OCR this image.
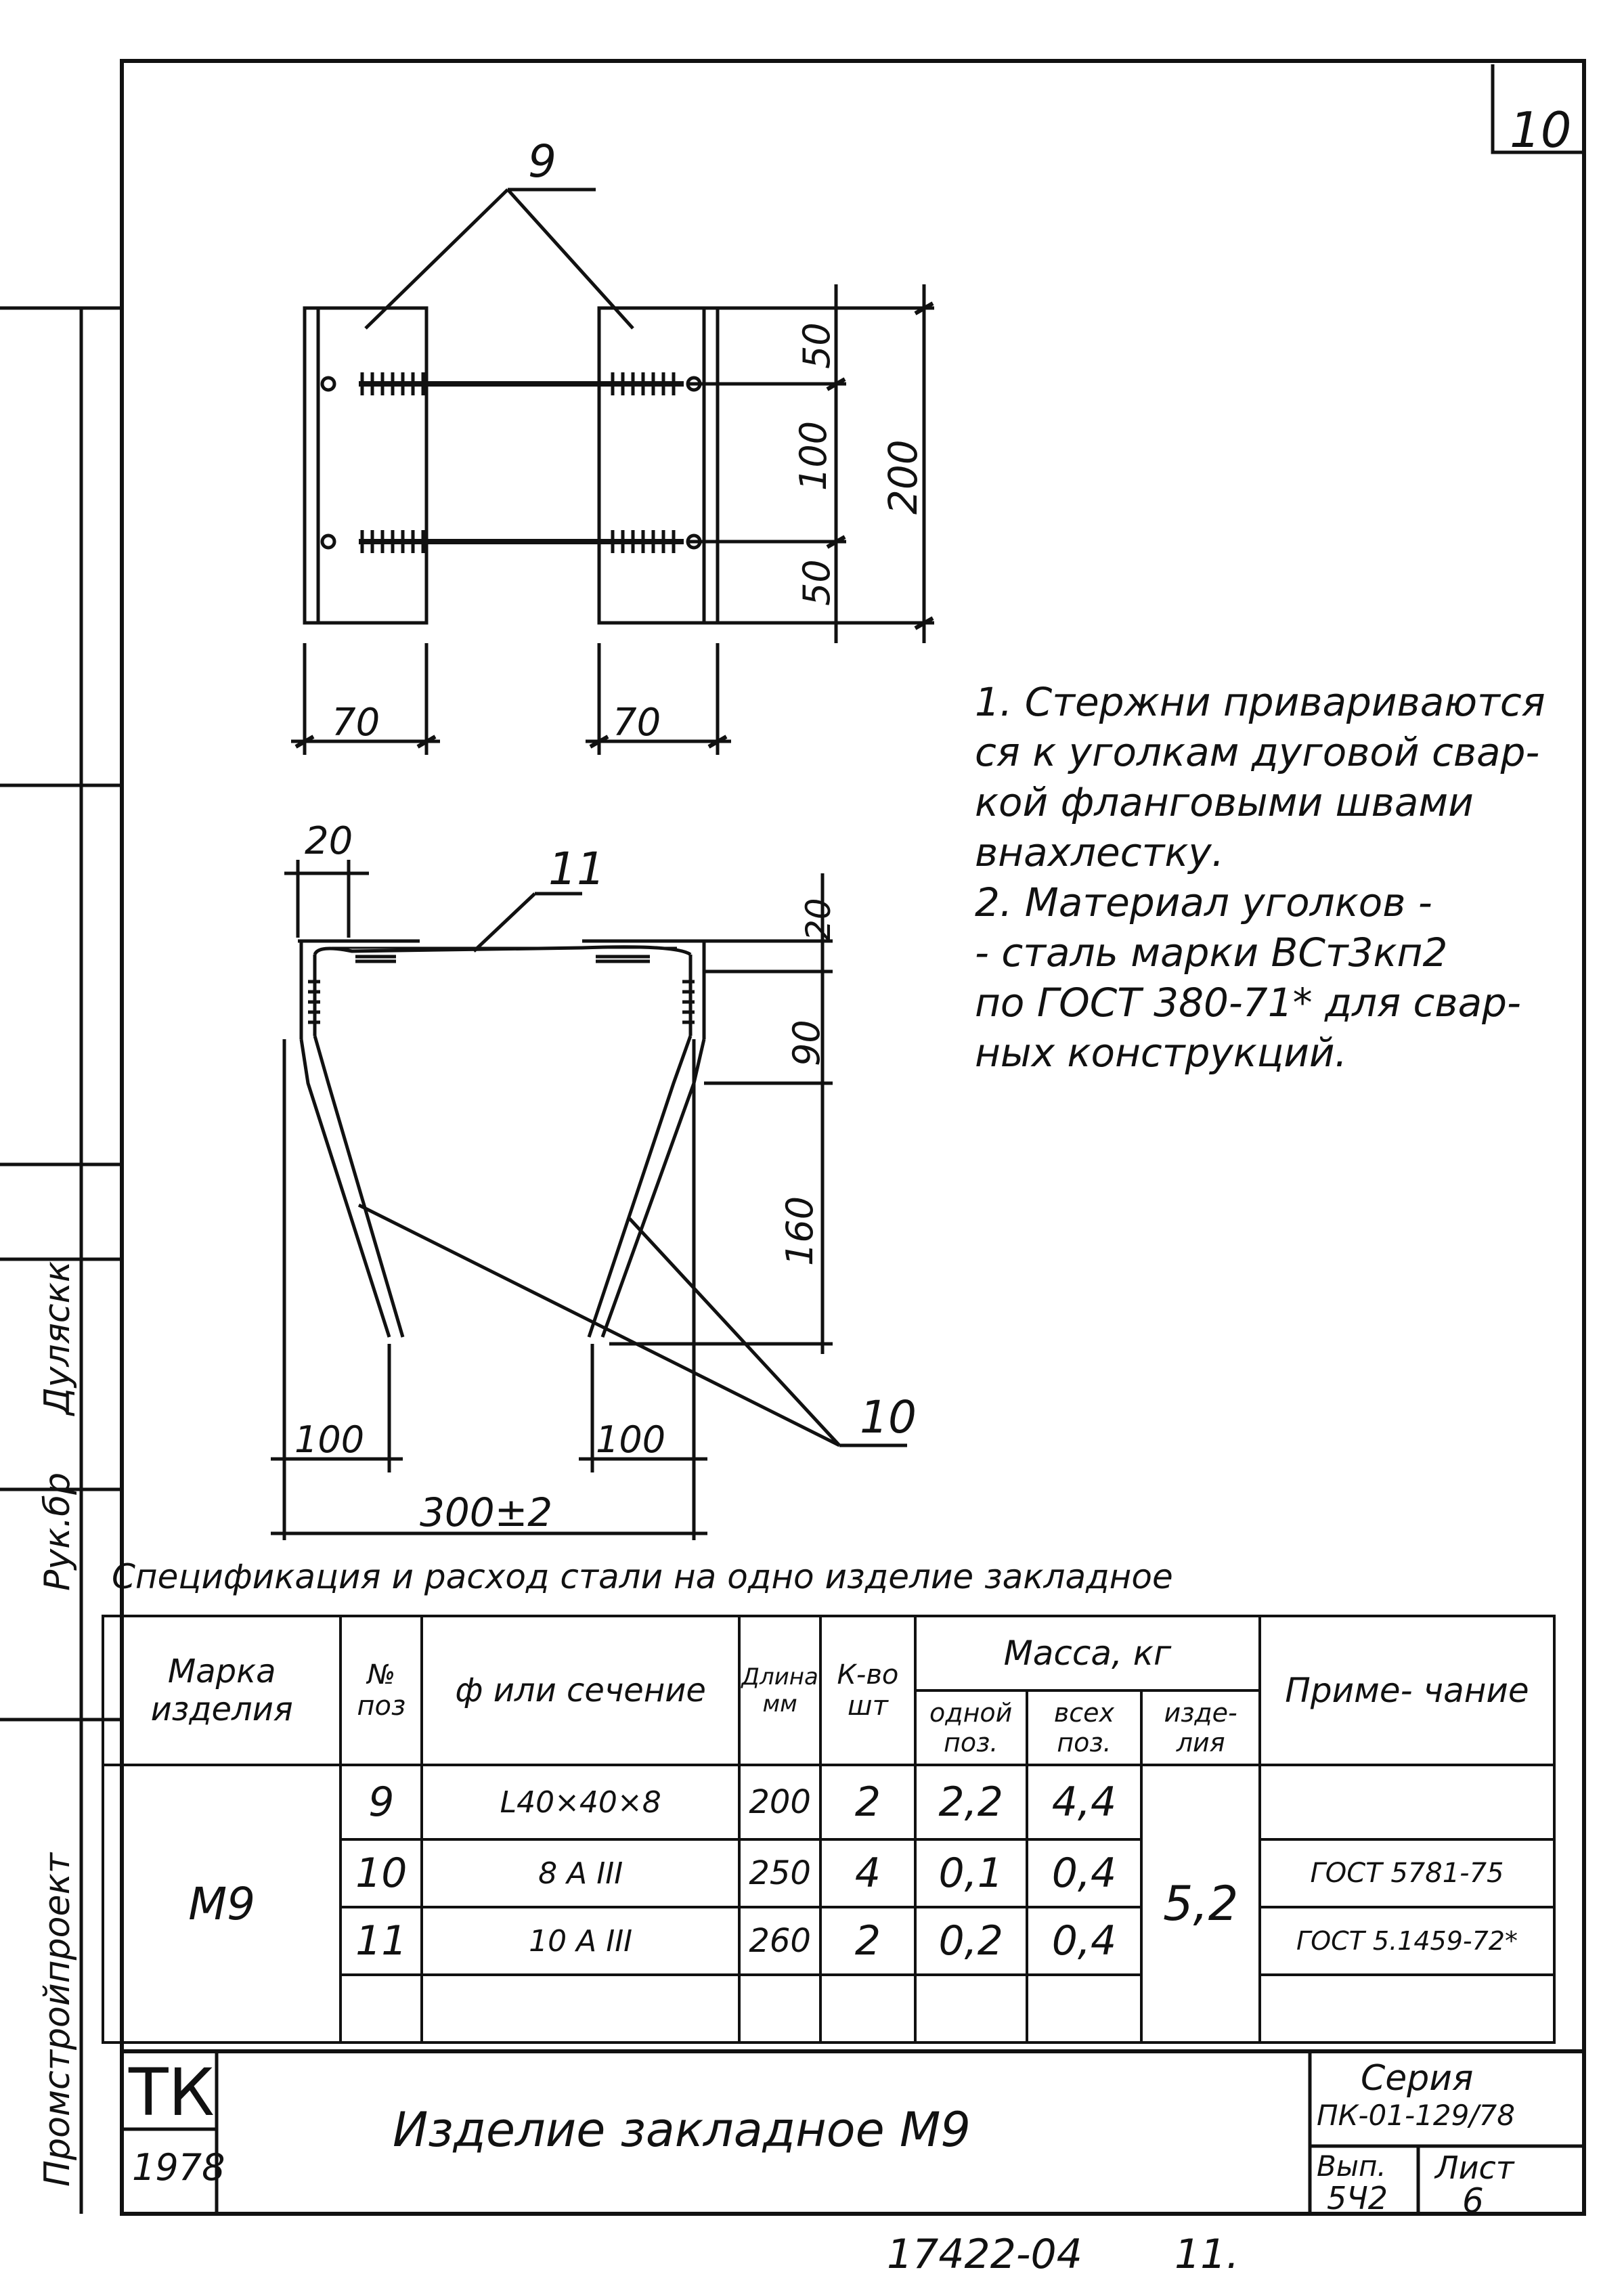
10
9
11
10
50
100
50
200
70	70
20
20
90
160
100	100
300±2
1. Стержни привариваются
ся к уголкам дуговой свар-
кой фланговыми швами
внахлестку.
2. Материал уголков -
- сталь марки ВСт3кп2
по ГОСТ 380-71* для свар-
ных конструкций.
Спецификация и расход стали на одно изделие закладное
Марка изделия	№ поз	ф или сечение	Длина мм	К-во шт	Масса, кг			Приме- чание
					одной поз.	всех поз.	изде- лия	
М9	9	L40×40×8	200	2	2,2	4,4	5,2	
	10	8 A III	250	4	0,1	0,4		ГОСТ 5781-75
	11	10 A III	260	2	0,2	0,4		ГОСТ 5.1459-72*

ТК
1978
Изделие закладное М9
Серия
ПК-01-129/78
Вып.
5Ч2
Лист
6
17422-04 11.
Промстройпроект
Рук.бр
Дуляскк
